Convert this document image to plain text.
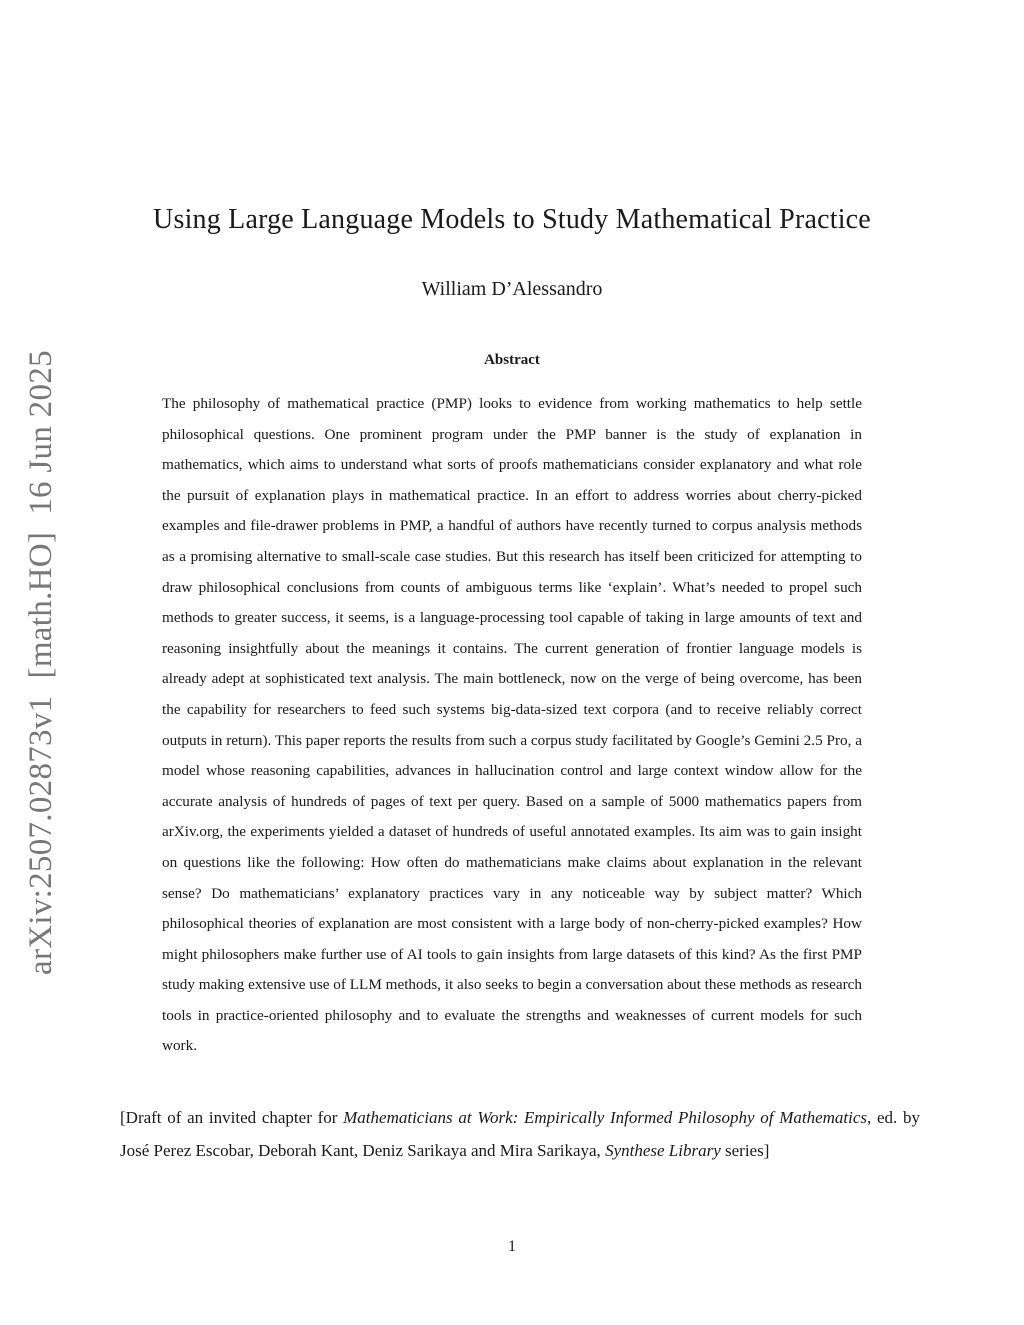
arXiv:2507.02873v1  [math.HO]  16 Jun 2025
Using Large Language Models to Study Mathematical Practice
William D’Alessandro
Abstract

The philosophy of mathematical practice (PMP) looks to evidence from working mathematics to help settle philosophical questions. One prominent program under the PMP banner is the study of explanation in mathematics, which aims to understand what sorts of proofs mathematicians consider explanatory and what role the pursuit of explanation plays in mathematical practice. In an effort to address worries about cherry-picked examples and file-drawer problems in PMP, a handful of authors have recently turned to corpus analysis methods as a promising alternative to small-scale case studies. But this research has itself been criticized for attempting to draw philosophical conclusions from counts of ambiguous terms like ‘explain’. What’s needed to propel such methods to greater success, it seems, is a language-processing tool capable of taking in large amounts of text and reasoning insightfully about the meanings it contains. The current generation of frontier language models is already adept at sophisticated text analysis. The main bottleneck, now on the verge of being overcome, has been the capability for researchers to feed such systems big-data-sized text corpora (and to receive reliably correct outputs in return). This paper reports the results from such a corpus study facilitated by Google’s Gemini 2.5 Pro, a model whose reasoning capabilities, advances in hallucination control and large context window allow for the accurate analysis of hundreds of pages of text per query. Based on a sample of 5000 mathematics papers from arXiv.org, the experiments yielded a dataset of hundreds of useful annotated examples. Its aim was to gain insight on questions like the following: How often do mathematicians make claims about explanation in the relevant sense? Do mathematicians’ explanatory practices vary in any noticeable way by subject matter? Which philosophical theories of explanation are most consistent with a large body of non-cherry-picked examples? How might philosophers make further use of AI tools to gain insights from large datasets of this kind? As the first PMP study making extensive use of LLM methods, it also seeks to begin a conversation about these methods as research tools in practice-oriented philosophy and to evaluate the strengths and weaknesses of current models for such work.

[Draft of an invited chapter for Mathematicians at Work: Empirically Informed Philosophy of Mathematics, ed. by José Perez Escobar, Deborah Kant, Deniz Sarikaya and Mira Sarikaya, Synthese Library series]

1
